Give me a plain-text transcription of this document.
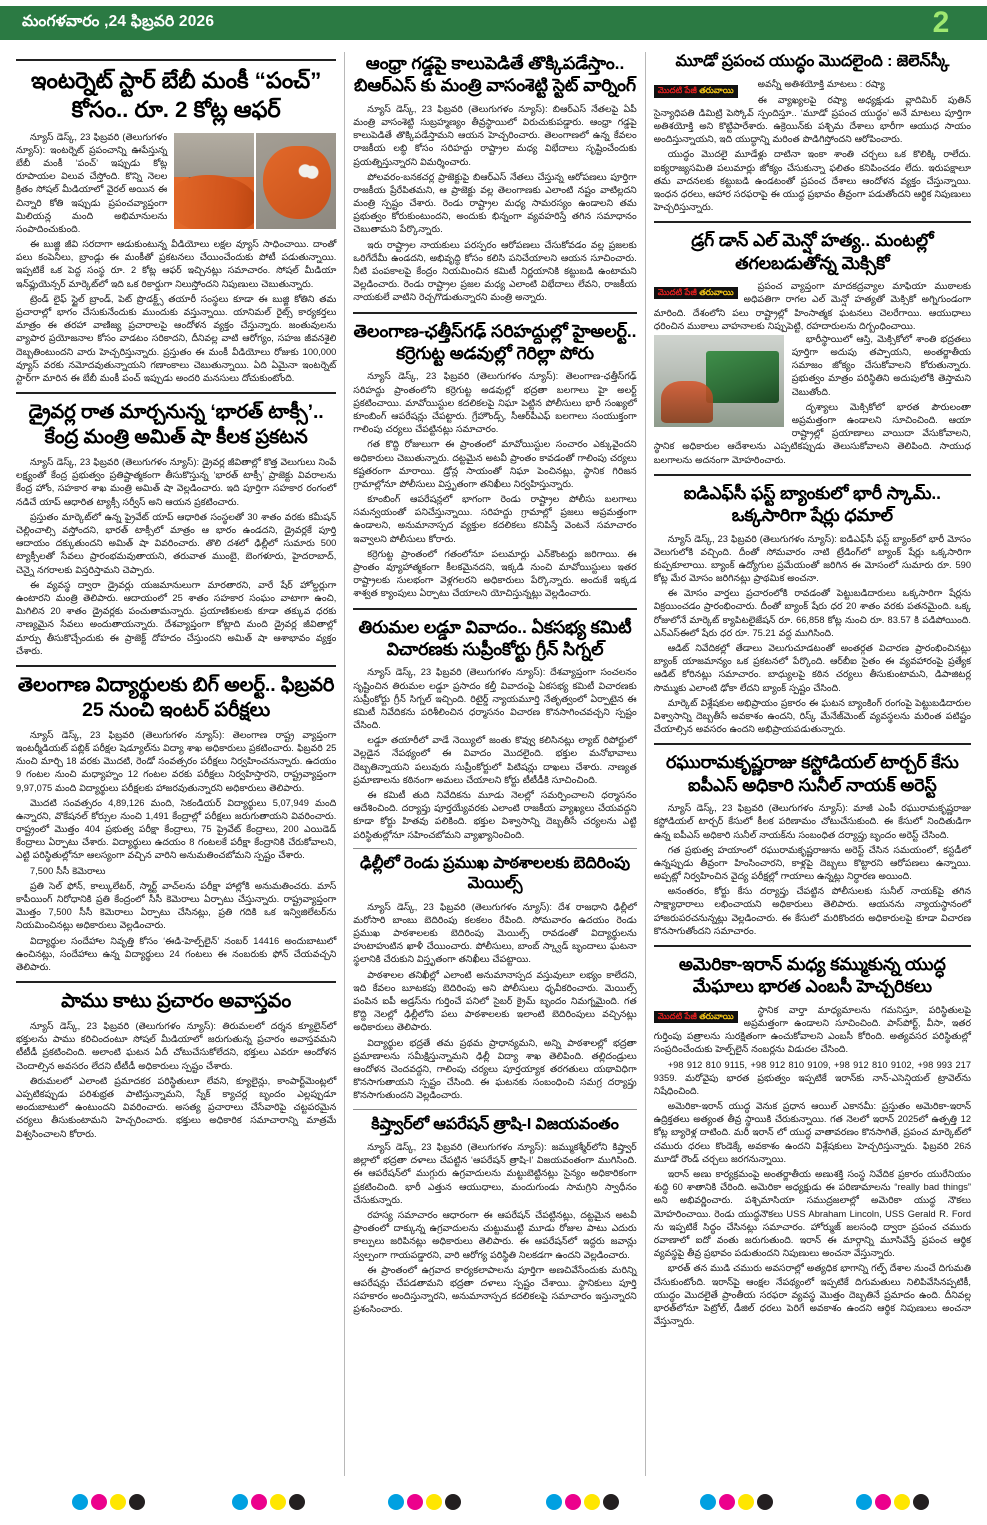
మంగళవారం ,24 ఫిబ్రవరి 2026	2
ఇంటర్నెట్ స్టార్ బేబీ మంకీ “పంచ్” కోసం.. రూ. 2 కోట్ల ఆఫర్

న్యూస్ డెస్క్, 23 ఫిబ్రవరి (తెలుగుగళం న్యూస్): ఇంటర్నెట్ ప్రపంచాన్ని ఊపేస్తున్న బేబీ మంకీ ‘పంచ్’ ఇప్పుడు కోట్ల రూపాయల విలువ చేస్తోంది. కొన్ని నెలల క్రితం సోషల్ మీడియాలో వైరల్ అయిన ఈ చిన్నారి కోతి ఇప్పుడు ప్రపంచవ్యాప్తంగా మిలియన్ల మంది అభిమానులను సంపాదించుకుంది.

ఈ బుజ్జి జీవి సరదాగా ఆడుకుంటున్న వీడియోలు లక్షల వ్యూస్ సాధించాయి. దాంతో పలు కంపెనీలు, బ్రాండ్లు ఈ మంకీతో ప్రకటనలు చేయించేందుకు పోటీ పడుతున్నాయి. ఇప్పటికే ఒక పెద్ద సంస్థ రూ. 2 కోట్ల ఆఫర్ ఇచ్చినట్లు సమాచారం. సోషల్ మీడియా ఇన్‌ఫ్లుయెన్సర్ మార్కెట్‌లో ఇది ఒక రికార్డుగా నిలుస్తోందని నిపుణులు చెబుతున్నారు.

ట్రెండ్ లైఫ్ స్టైల్ బ్రాండ్, పెట్ ప్రొడక్ట్స్ తయారీ సంస్థలు కూడా ఈ బుజ్జి కోతిని తమ ప్రచారాల్లో భాగం చేసుకునేందుకు ముందుకు వస్తున్నాయి. యానిమల్ రైట్స్ కార్యకర్తలు మాత్రం ఈ తరహా వాణిజ్య ప్రచారాలపై ఆందోళన వ్యక్తం చేస్తున్నారు. జంతువులను వ్యాపార ప్రయోజనాల కోసం వాడటం సరికాదని, దీనివల్ల వాటి ఆరోగ్యం, సహజ జీవనశైలి దెబ్బతింటుందని వారు హెచ్చరిస్తున్నారు. ప్రస్తుతం ఈ మంకీ వీడియోలు రోజుకు 100,000 వ్యూస్ వరకు నమోదవుతున్నాయని గణాంకాలు చెబుతున్నాయి. ఏది ఏమైనా ఇంటర్నెట్ స్టార్‌గా మారిన ఈ బేబీ మంకీ పంచ్ ఇప్పుడు అందరి మనసులు దోచుకుంటోంది.

డ్రైవర్ల రాత మార్చనున్న ‘భారత్ టాక్సీ’.. కేంద్ర మంత్రి అమిత్ షా కీలక ప్రకటన

న్యూస్ డెస్క్, 23 ఫిబ్రవరి (తెలుగుగళం న్యూస్): డ్రైవర్ల జీవితాల్లో కొత్త వెలుగులు నింపే లక్ష్యంతో కేంద్ర ప్రభుత్వం ప్రతిష్టాత్మకంగా తీసుకొస్తున్న ‘భారత్ టాక్సీ’ ప్రాజెక్టు వివరాలను కేంద్ర హోం, సహకార శాఖ మంత్రి అమిత్ షా వెల్లడించారు. ఇది పూర్తిగా సహకార రంగంలో నడిచే యాప్ ఆధారిత ట్యాక్సీ సర్వీస్ అని ఆయన ప్రకటించారు.

ప్రస్తుతం మార్కెట్‌లో ఉన్న ప్రైవేట్ యాప్ ఆధారిత సంస్థలతో 30 శాతం వరకు కమీషన్ చెల్లించాల్సి వస్తోందని, భారత్ టాక్సీలో మాత్రం ఆ భారం ఉండదని, డ్రైవర్లకే పూర్తి ఆదాయం దక్కుతుందని అమిత్ షా వివరించారు. తొలి దశలో ఢిల్లీలో సుమారు 500 ట్యాక్సీలతో సేవలు ప్రారంభమవుతాయని, తరువాత ముంబై, బెంగళూరు, హైదరాబాద్, చెన్నై నగరాలకు విస్తరిస్తామని చెప్పారు.

ఈ వ్యవస్థ ద్వారా డ్రైవర్లు యజమానులుగా మారతారని, వారే షేర్ హోల్డర్లుగా ఉంటారని మంత్రి తెలిపారు. ఆదాయంలో 25 శాతం సహకార సంఘం వాటాగా ఉంచి, మిగిలిన 20 శాతం డ్రైవర్లకు పంచుతామన్నారు. ప్రయాణికులకు కూడా తక్కువ ధరకు నాణ్యమైన సేవలు అందుతాయన్నారు. దేశవ్యాప్తంగా కోట్లాది మంది డ్రైవర్ల జీవితాల్లో మార్పు తీసుకొచ్చేందుకు ఈ ప్రాజెక్ట్ దోహదం చేస్తుందని అమిత్ షా ఆశాభావం వ్యక్తం చేశారు.

తెలంగాణ విద్యార్థులకు బిగ్ అలర్ట్.. ఫిబ్రవరి 25 నుంచి ఇంటర్ పరీక్షలు

న్యూస్ డెస్క్, 23 ఫిబ్రవరి (తెలుగుగళం న్యూస్): తెలంగాణ రాష్ట్ర వ్యాప్తంగా ఇంటర్మీడియట్ పబ్లిక్ పరీక్షల షెడ్యూల్‌ను విద్యా శాఖ అధికారులు ప్రకటించారు. ఫిబ్రవరి 25 నుంచి మార్చి 18 వరకు మొదటి, రెండో సంవత్సరం పరీక్షలు నిర్వహించనున్నారు. ఉదయం 9 గంటల నుంచి మధ్యాహ్నం 12 గంటల వరకు పరీక్షలు నిర్వహిస్తారని, రాష్ట్రవ్యాప్తంగా 9,97,075 మంది విద్యార్థులు పరీక్షలకు హాజరవుతున్నారని అధికారులు తెలిపారు.

మొదటి సంవత్సరం 4,89,126 మంది, సెకండియర్ విద్యార్థులు 5,07,949 మంది ఉన్నారని, వొకేషనల్ కోర్సుల నుంచి 1,491 కేంద్రాల్లో పరీక్షలు జరుగుతాయని వివరించారు. రాష్ట్రంలో మొత్తం 404 ప్రభుత్వ పరీక్షా కేంద్రాలు, 75 ప్రైవేట్ కేంద్రాలు, 200 ఎయిడెడ్ కేంద్రాలు ఏర్పాటు చేశారు. విద్యార్థులు ఉదయం 8 గంటలకే పరీక్షా కేంద్రానికి చేరుకోవాలని, ఎట్టి పరిస్థితుల్లోనూ ఆలస్యంగా వచ్చిన వారిని అనుమతించబోమని స్పష్టం చేశారు.

7,500 సీసీ కెమెరాలు

ప్రతి సెల్ ఫోన్, కాల్కులేటర్, స్మార్ట్ వాచ్‌లను పరీక్షా హాల్లోకి అనుమతించరు. మాస్ కాపీయింగ్ నిరోధానికి ప్రతి కేంద్రంలో సీసీ కెమెరాలు ఏర్పాటు చేస్తున్నారు. రాష్ట్రవ్యాప్తంగా మొత్తం 7,500 సీసీ కెమెరాలు ఏర్పాటు చేసినట్లు, ప్రతి గదికి ఒక ఇన్విజిలేటర్‌ను నియమించినట్లు అధికారులు వెల్లడించారు.

విద్యార్థుల సందేహాల నివృత్తి కోసం ‘ఈడి-హెల్ప్‌లైన్’ నంబర్ 14416 అందుబాటులో ఉంచినట్లు, సందేహాలు ఉన్న విద్యార్థులు 24 గంటలు ఈ నంబరుకు ఫోన్ చేయవచ్చని తెలిపారు.

పాము కాటు ప్రచారం అవాస్తవం

న్యూస్ డెస్క్, 23 ఫిబ్రవరి (తెలుగుగళం న్యూస్): తిరుమలలో దర్శన క్యూలైన్‌లో భక్తులను పాము కరిచిందంటూ సోషల్ మీడియాలో జరుగుతున్న ప్రచారం అవాస్తవమని టీటీడీ ప్రకటించింది. అలాంటి ఘటన ఏదీ చోటుచేసుకోలేదని, భక్తులు ఎవరూ ఆందోళన చెందాల్సిన అవసరం లేదని టీటీడీ అధికారులు స్పష్టం చేశారు.

తిరుమలలో ఎలాంటి ప్రమాదకర పరిస్థితులూ లేవని, క్యూలైన్లు, కాంపార్ట్‌మెంట్లలో ఎప్పటికప్పుడు పరిశుభ్రత పాటిస్తున్నామని, స్నేక్ క్యాచర్ల బృందం ఎల్లప్పుడూ అందుబాటులో ఉంటుందని వివరించారు. అసత్య ప్రచారాలు చేసేవారిపై చట్టపరమైన చర్యలు తీసుకుంటామని హెచ్చరించారు. భక్తులు అధికారిక సమాచారాన్ని మాత్రమే విశ్వసించాలని కోరారు.

ఆంధ్రా గడ్డపై కాలుపెడితే తొక్కిపడేస్తాం.. బిఆర్‌ఎస్ కు మంత్రి వాసంశెట్టి స్టెట్ వార్నింగ్

న్యూస్ డెస్క్, 23 ఫిబ్రవరి (తెలుగుగళం న్యూస్): బిఆర్ఎస్ నేతలపై ఏపీ మంత్రి వాసంశెట్టి సుబ్రహ్మణ్యం తీవ్రస్థాయిలో విరుచుకుపడ్డారు. ఆంధ్రా గడ్డపై కాలుపెడితే తొక్కిపడేస్తామని ఆయన హెచ్చరించారు. తెలంగాణలో ఉన్న కేవలం రాజకీయ లబ్ధి కోసం సరిహద్దు రాష్ట్రాల మధ్య విభేదాలు సృష్టించేందుకు ప్రయత్నిస్తున్నారని విమర్శించారు.

పోలవరం-బనకచర్ల ప్రాజెక్టుపై బిఆర్ఎస్ నేతలు చేస్తున్న ఆరోపణలు పూర్తిగా రాజకీయ ప్రేరేపితమని, ఆ ప్రాజెక్టు వల్ల తెలంగాణకు ఎలాంటి నష్టం వాటిల్లదని మంత్రి స్పష్టం చేశారు. రెండు రాష్ట్రాల మధ్య సామరస్యం ఉండాలని తమ ప్రభుత్వం కోరుకుంటుందని, అందుకు భిన్నంగా వ్యవహరిస్తే తగిన సమాధానం చెబుతామని పేర్కొన్నారు.

ఇరు రాష్ట్రాల నాయకులు పరస్పరం ఆరోపణలు చేసుకోవడం వల్ల ప్రజలకు ఒరిగేదేమీ ఉండదని, అభివృద్ధి కోసం కలిసి పనిచేయాలని ఆయన సూచించారు. నీటి పంపకాలపై కేంద్రం నియమించిన కమిటీ నిర్ణయానికి కట్టుబడి ఉంటామని వెల్లడించారు. రెండు రాష్ట్రాల ప్రజల మధ్య ఎలాంటి విభేదాలు లేవని, రాజకీయ నాయకులే వాటిని రెచ్చగొడుతున్నారని మంత్రి అన్నారు.

తెలంగాణ-ఛత్తీస్‌గఢ్ సరిహద్దుల్లో హైఅలర్ట్.. కర్రెగుట్ట అడవుల్లో గెరిల్లా పోరు

న్యూస్ డెస్క్, 23 ఫిబ్రవరి (తెలుగుగళం న్యూస్): తెలంగాణ-ఛత్తీస్‌గఢ్ సరిహద్దు ప్రాంతంలోని కర్రెగుట్ట అడవుల్లో భద్రతా బలగాలు హై అలర్ట్ ప్రకటించాయి. మావోయిస్టుల కదలికలపై నిఘా పెట్టిన పోలీసులు భారీ సంఖ్యలో కూంబింగ్ ఆపరేషన్లు చేపట్టారు. గ్రేహౌండ్స్, సీఆర్‌పీఎఫ్ బలగాలు సంయుక్తంగా గాలింపు చర్యలు చేపట్టినట్లు సమాచారం.

గత కొద్ది రోజులుగా ఈ ప్రాంతంలో మావోయిస్టుల సంచారం ఎక్కువైందని అధికారులు చెబుతున్నారు. దట్టమైన అటవీ ప్రాంతం కావడంతో గాలింపు చర్యలు కష్టతరంగా మారాయి. డ్రోన్ల సాయంతో నిఘా పెంచినట్లు, స్థానిక గిరిజన గ్రామాల్లోనూ పోలీసులు విస్తృతంగా తనిఖీలు నిర్వహిస్తున్నారు.

కూంబింగ్ ఆపరేషన్లలో భాగంగా రెండు రాష్ట్రాల పోలీసు బలగాలు సమన్వయంతో పనిచేస్తున్నాయి. సరిహద్దు గ్రామాల్లో ప్రజలు అప్రమత్తంగా ఉండాలని, అనుమానాస్పద వ్యక్తుల కదలికలు కనిపిస్తే వెంటనే సమాచారం ఇవ్వాలని పోలీసులు కోరారు.

కర్రెగుట్ట ప్రాంతంలో గతంలోనూ పలుమార్లు ఎన్‌కౌంటర్లు జరిగాయి. ఈ ప్రాంతం వ్యూహాత్మకంగా కీలకమైనదని, ఇక్కడి నుంచి మావోయిస్టులు ఇతర రాష్ట్రాలకు సులభంగా వెళ్లగలరని అధికారులు పేర్కొన్నారు. అందుకే ఇక్కడ శాశ్వత క్యాంపులు ఏర్పాటు చేయాలని యోచిస్తున్నట్లు వెల్లడించారు.

తిరుమల లడ్డూ వివాదం.. ఏకసభ్య కమిటీ విచారణకు సుప్రీంకోర్టు గ్రీన్ సిగ్నల్

న్యూస్ డెస్క్, 23 ఫిబ్రవరి (తెలుగుగళం న్యూస్): దేశవ్యాప్తంగా సంచలనం సృష్టించిన తిరుమల లడ్డూ ప్రసాదం కల్తీ వివాదంపై ఏకసభ్య కమిటీ విచారణకు సుప్రీంకోర్టు గ్రీన్ సిగ్నల్ ఇచ్చింది. రిటైర్డ్ న్యాయమూర్తి నేతృత్వంలో ఏర్పాటైన ఈ కమిటీ నివేదికను పరిశీలించిన ధర్మాసనం విచారణ కొనసాగించవచ్చని స్పష్టం చేసింది.

లడ్డూ తయారీలో వాడే నెయ్యిలో జంతు కొవ్వు కలిసినట్లు ల్యాబ్ రిపోర్టులో వెల్లడైన నేపథ్యంలో ఈ వివాదం మొదలైంది. భక్తుల మనోభావాలు దెబ్బతిన్నాయని పలువురు సుప్రీంకోర్టులో పిటిషన్లు దాఖలు చేశారు. నాణ్యత ప్రమాణాలను కఠినంగా అమలు చేయాలని కోర్టు టీటీడీకి సూచించింది.

ఈ కమిటీ తుది నివేదికను మూడు నెలల్లో సమర్పించాలని ధర్మాసనం ఆదేశించింది. దర్యాప్తు పూర్తయ్యేవరకు ఎలాంటి రాజకీయ వ్యాఖ్యలు చేయవద్దని కూడా కోర్టు హితవు పలికింది. భక్తుల విశ్వాసాన్ని దెబ్బతీసే చర్యలను ఎట్టి పరిస్థితుల్లోనూ సహించబోమని వ్యాఖ్యానించింది.

ఢిల్లీలో రెండు ప్రముఖ పాఠశాలలకు బెదిరింపు మెయిల్స్

న్యూస్ డెస్క్, 23 ఫిబ్రవరి (తెలుగుగళం న్యూస్): దేశ రాజధాని ఢిల్లీలో మరోసారి బాంబు బెదిరింపు కలకలం రేపింది. సోమవారం ఉదయం రెండు ప్రముఖ పాఠశాలలకు బెదిరింపు మెయిల్స్ రావడంతో విద్యార్థులను హుటాహుటిన ఖాళీ చేయించారు. పోలీసులు, బాంబ్ స్క్వాడ్ బృందాలు ఘటనా స్థలానికి చేరుకుని విస్తృతంగా తనిఖీలు చేపట్టాయి.

పాఠశాలల తనిఖీల్లో ఎలాంటి అనుమానాస్పద వస్తువులూ లభ్యం కాలేదని, ఇది కేవలం బూటకపు బెదిరింపు అని పోలీసులు ధృవీకరించారు. మెయిల్స్ పంపిన ఐపీ అడ్రస్‌ను గుర్తించే పనిలో సైబర్ క్రైమ్ బృందం నిమగ్నమైంది. గత కొద్ది నెలల్లో ఢిల్లీలోని పలు పాఠశాలలకు ఇలాంటి బెదిరింపులు వచ్చినట్లు అధికారులు తెలిపారు.

విద్యార్థుల భద్రతే తమ ప్రథమ ప్రాధాన్యమని, అన్ని పాఠశాలల్లో భద్రతా ప్రమాణాలను సమీక్షిస్తున్నామని ఢిల్లీ విద్యా శాఖ తెలిపింది. తల్లిదండ్రులు ఆందోళన చెందవద్దని, గాలింపు చర్యలు పూర్తయ్యాక తరగతులు యథావిధిగా కొనసాగుతాయని స్పష్టం చేసింది. ఈ ఘటనకు సంబంధించి సమగ్ర దర్యాప్తు కొనసాగుతుందని వెల్లడించారు.

కిష్త్వార్‌లో ఆపరేషన్ త్రాషి-I విజయవంతం

న్యూస్ డెస్క్, 23 ఫిబ్రవరి (తెలుగుగళం న్యూస్): జమ్ముకశ్మీర్‌లోని కిష్త్వార్ జిల్లాలో భద్రతా దళాలు చేపట్టిన ‘ఆపరేషన్ త్రాషి-I’ విజయవంతంగా ముగిసింది. ఈ ఆపరేషన్‌లో ముగ్గురు ఉగ్రవాదులను మట్టుబెట్టినట్లు సైన్యం అధికారికంగా ప్రకటించింది. భారీ ఎత్తున ఆయుధాలు, మందుగుండు సామగ్రిని స్వాధీనం చేసుకున్నారు.

రహస్య సమాచారం ఆధారంగా ఈ ఆపరేషన్ చేపట్టినట్లు, దట్టమైన అటవీ ప్రాంతంలో దాక్కున్న ఉగ్రవాదులను చుట్టుముట్టి మూడు రోజుల పాటు ఎదురు కాల్పులు జరిపినట్లు అధికారులు తెలిపారు. ఈ ఆపరేషన్‌లో ఇద్దరు జవాన్లు స్వల్పంగా గాయపడ్డారని, వారి ఆరోగ్య పరిస్థితి నిలకడగా ఉందని వెల్లడించారు.

ఈ ప్రాంతంలో ఉగ్రవాద కార్యకలాపాలను పూర్తిగా అణచివేసేందుకు మరిన్ని ఆపరేషన్లు చేపడతామని భద్రతా దళాలు స్పష్టం చేశాయి. స్థానికులు పూర్తి సహకారం అందిస్తున్నారని, అనుమానాస్పద కదలికలపై సమాచారం ఇస్తున్నారని ప్రశంసించారు.

మూడో ప్రపంచ యుద్ధం మొదలైంది : జెలెన్‌స్కీ
మొదటి పేజీ తరువాయి

అవన్నీ అతిశయోక్తి మాటలు : రష్యా

ఈ వ్యాఖ్యలపై రష్యా అధ్యక్షుడు వ్లాదిమిర్ పుతిన్ సైన్యాధిపతి డిమిట్రి పెస్కోవ్ స్పందిస్తూ.. ‘మూడో ప్రపంచ యుద్ధం’ అనే మాటలు పూర్తిగా అతిశయోక్తి అని కొట్టిపారేశారు. ఉక్రెయిన్‌కు పశ్చిమ దేశాలు భారీగా ఆయుధ సాయం అందిస్తున్నాయని, ఇది యుద్ధాన్ని మరింత పొడిగిస్తోందని ఆరోపించారు.

యుద్ధం మొదలై మూడేళ్లు దాటినా ఇంకా శాంతి చర్చలు ఒక కొలిక్కి రాలేదు. ఐక్యరాజ్యసమితి పలుమార్లు జోక్యం చేసుకున్నా ఫలితం కనిపించడం లేదు. ఇరుపక్షాలూ తమ వాదనలకు కట్టుబడి ఉండటంతో ప్రపంచ దేశాలు ఆందోళన వ్యక్తం చేస్తున్నాయి. ఇంధన ధరలు, ఆహార సరఫరాపై ఈ యుద్ధ ప్రభావం తీవ్రంగా పడుతోందని ఆర్థిక నిపుణులు హెచ్చరిస్తున్నారు.

డ్రగ్ డాన్ ఎల్ మెన్షో హత్య.. మంటల్లో తగలబడుతోన్న మెక్సికో
మొదటి పేజీ తరువాయి

ప్రపంచ వ్యాప్తంగా మాదకద్రవ్యాల మాఫియా ముఠాలకు అధిపతిగా రాగల ఎల్ మెన్షో హత్యతో మెక్సికో అగ్నిగుండంగా మారింది. దేశంలోని పలు రాష్ట్రాల్లో హింసాత్మక ఘటనలు చెలరేగాయి. ఆయుధాలు ధరించిన ముఠాలు వాహనాలకు నిప్పుపెట్టి, రహదారులను దిగ్బంధించాయి.

భారీస్థాయిలో ఆస్తి, మెక్సికోలో శాంతి భద్రతలు పూర్తిగా అదుపు తప్పాయని, అంతర్జాతీయ సమాజం జోక్యం చేసుకోవాలని కోరుతున్నారు. ప్రభుత్వం మాత్రం పరిస్థితిని అదుపులోకి తెస్తామని చెబుతోంది.

దృశ్యాలు మెక్సికోలో భారత పౌరులంతా అప్రమత్తంగా ఉండాలని సూచించింది. ఆయా రాష్ట్రాల్లో ప్రయాణాలు వాయిదా వేసుకోవాలని, స్థానిక అధికారుల ఆదేశాలను ఎప్పటికప్పుడు తెలుసుకోవాలని తెలిపింది. సాయుధ బలగాలను అదనంగా మోహరించారు.

ఐడిఎఫ్‌సీ ఫస్ట్ బ్యాంకులో భారీ స్కామ్.. ఒక్కసారిగా షేర్లు ధమాల్

న్యూస్ డెస్క్, 23 ఫిబ్రవరి (తెలుగుగళం న్యూస్): ఐడిఎఫ్‌సీ ఫస్ట్ బ్యాంక్‌లో భారీ మోసం వెలుగులోకి వచ్చింది. దీంతో సోమవారం నాటి ట్రేడింగ్‌లో బ్యాంక్ షేర్లు ఒక్కసారిగా కుప్పకూలాయి. బ్యాంక్ ఉద్యోగుల ప్రమేయంతో జరిగిన ఈ మోసంలో సుమారు రూ. 590 కోట్ల మేర మోసం జరిగినట్లు ప్రాథమిక అంచనా.

ఈ మోసం వార్తలు ప్రచారంలోకి రావడంతో పెట్టుబడిదారులు ఒక్కసారిగా షేర్లను విక్రయించడం ప్రారంభించారు. దీంతో బ్యాంక్ షేరు ధర 20 శాతం వరకు పతనమైంది. ఒక్క రోజులోనే మార్కెట్ క్యాపిటలైజేషన్ రూ. 66,858 కోట్ల నుంచి రూ. 83.57 కి పడిపోయింది. ఎన్‌ఎస్‌ఈలో షేరు ధర రూ. 75.21 వద్ద ముగిసింది.

ఆడిట్ నివేదికల్లో తేడాలు వెలుగుచూడటంతో అంతర్గత విచారణ ప్రారంభించినట్లు బ్యాంక్ యాజమాన్యం ఒక ప్రకటనలో పేర్కొంది. ఆర్‌బీఐ సైతం ఈ వ్యవహారంపై ప్రత్యేక ఆడిట్ కోరినట్లు సమాచారం. బాధ్యులపై కఠిన చర్యలు తీసుకుంటామని, డిపాజిటర్ల సొమ్ముకు ఎలాంటి ఢోకా లేదని బ్యాంక్ స్పష్టం చేసింది.

మార్కెట్ విశ్లేషకుల అభిప్రాయం ప్రకారం ఈ ఘటన బ్యాంకింగ్ రంగంపై పెట్టుబడిదారుల విశ్వాసాన్ని దెబ్బతీసే అవకాశం ఉందని, రిస్క్ మేనేజ్‌మెంట్ వ్యవస్థలను మరింత పటిష్టం చేయాల్సిన అవసరం ఉందని అభిప్రాయపడుతున్నారు.

రఘురామకృష్ణరాజు కస్టోడియల్ టార్చర్ కేసు ఐపీఎస్ అధికారి సునీల్ నాయక్ అరెస్ట్

న్యూస్ డెస్క్, 23 ఫిబ్రవరి (తెలుగుగళం న్యూస్): మాజీ ఎంపీ రఘురామకృష్ణరాజు కస్టోడియల్ టార్చర్ కేసులో కీలక పరిణామం చోటుచేసుకుంది. ఈ కేసులో నిందితుడిగా ఉన్న ఐపీఎస్ అధికారి సునీల్ నాయక్‌ను సంబంధిత దర్యాప్తు బృందం అరెస్ట్ చేసింది.

గత ప్రభుత్వ హయాంలో రఘురామకృష్ణరాజును అరెస్ట్ చేసిన సమయంలో, కస్టడీలో ఉన్నప్పుడు తీవ్రంగా హింసించారని, కాళ్లపై దెబ్బలు కొట్టారని ఆరోపణలు ఉన్నాయి. అప్పట్లో నిర్వహించిన వైద్య పరీక్షల్లో గాయాలు ఉన్నట్లు నిర్ధారణ అయింది.

అనంతరం, కోర్టు కేసు దర్యాప్తు చేపట్టిన పోలీసులకు సునీల్ నాయక్‌పై తగిన సాక్ష్యాధారాలు లభించాయని అధికారులు తెలిపారు. ఆయనను న్యాయస్థానంలో హాజరుపరచనున్నట్లు వెల్లడించారు. ఈ కేసులో మరికొందరు అధికారులపై కూడా విచారణ కొనసాగుతోందని సమాచారం.

అమెరికా-ఇరాన్ మధ్య కమ్ముకున్న యుద్ధ మేఘాలు భారత ఎంబసీ హెచ్చరికలు
మొదటి పేజీ తరువాయి

స్థానిక వార్తా మాధ్యమాలను గమనిస్తూ, పరిస్థితులపై అప్రమత్తంగా ఉండాలని సూచించింది. పాస్‌పోర్ట్, వీసా, ఇతర గుర్తింపు పత్రాలను సురక్షితంగా ఉంచుకోవాలని ఎంబసీ కోరింది. అత్యవసర పరిస్థితుల్లో సంప్రదించేందుకు హెల్ప్‌లైన్ నంబర్లను విడుదల చేసింది.

+98 912 810 9115, +98 912 810 9109, +98 912 810 9102, +98 993 217 9359. మరోవైపు భారత ప్రభుత్వం ఇప్పటికే ఇరాన్‌కు నాన్-ఎసెన్షియల్ ట్రావెల్‌ను నిషేధించింది.

అమెరికా-ఇరాన్ యుద్ధ వెనుక ప్రధాన ఆయిల్ ఎకానమీ: ప్రస్తుతం అమెరికా-ఇరాన్ ఉద్రిక్తతలు అత్యంత తీవ్ర స్థాయికి చేరుకున్నాయి. గత నెలలో ఇరాన్ 2025లో ఉత్పత్తి 12 కోట్ల బ్యారెళ్ల దాటింది. మరీ ఇరాన్ లో యుద్ధ వాతావరణం కొనసాగితే, ప్రపంచ మార్కెట్‌లో చమురు ధరలు కొండెక్కే అవకాశం ఉందని విశ్లేషకులు హెచ్చరిస్తున్నారు. ఫిబ్రవరి 26న మూడో రౌండ్ చర్చలు జరగనున్నాయి.

ఇరాన్ అణు కార్యక్రమంపై అంతర్జాతీయ అణుశక్తి సంస్థ నివేదిక ప్రకారం యురేనియం శుద్ధి 60 శాతానికి చేరింది. అమెరికా అధ్యక్షుడు ఈ పరిణామాలను “really bad things” అని అభివర్ణించారు. పశ్చిమాసియా సముద్రజలాల్లో అమెరికా యుద్ధ నౌకలు మోహరించాయి. రెండు యుద్ధనౌకలు USS Abraham Lincoln, USS Gerald R. Ford ను ఇప్పటికే సిద్ధం చేసినట్లు సమాచారం. హోర్ముజ్ జలసంధి ద్వారా ప్రపంచ చమురు రవాణాలో ఐదో వంతు జరుగుతుంది. ఇరాన్ ఈ మార్గాన్ని మూసివేస్తే ప్రపంచ ఆర్థిక వ్యవస్థపై తీవ్ర ప్రభావం పడుతుందని నిపుణులు అంచనా వేస్తున్నారు.

భారత్ తన ముడి చమురు అవసరాల్లో అత్యధిక భాగాన్ని గల్ఫ్ దేశాల నుంచే దిగుమతి చేసుకుంటోంది. ఇరాన్‌పై ఆంక్షల నేపథ్యంలో ఇప్పటికే దిగుమతులు నిలిపివేసినప్పటికీ, యుద్ధం మొదలైతే ప్రాంతీయ సరఫరా వ్యవస్థ మొత్తం దెబ్బతినే ప్రమాదం ఉంది. దీనివల్ల భారత్‌లోనూ పెట్రోల్, డీజిల్ ధరలు పెరిగే అవకాశం ఉందని ఆర్థిక నిపుణులు అంచనా వేస్తున్నారు.
